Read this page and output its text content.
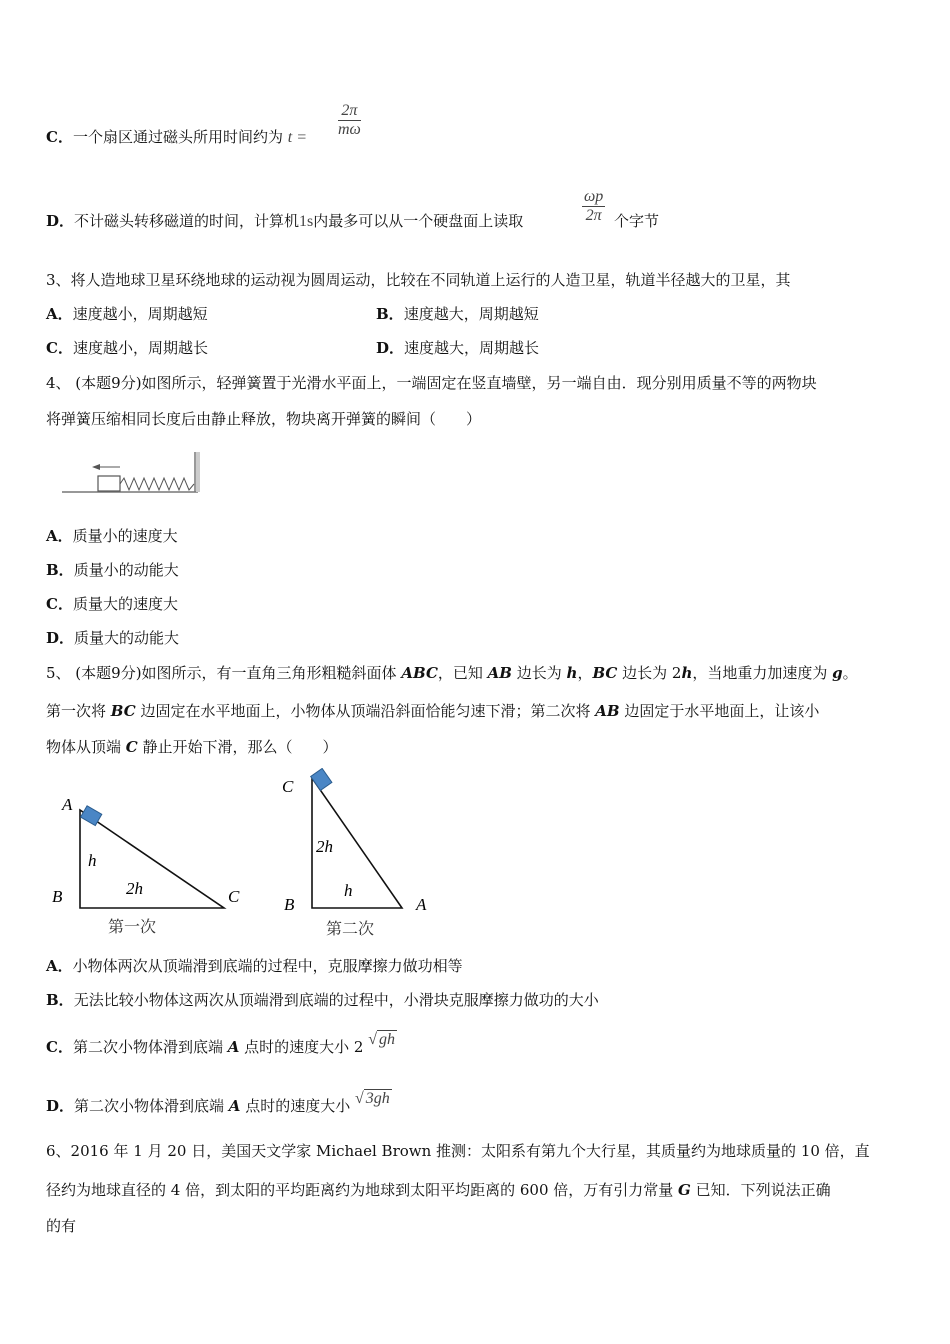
C．一个扇区通过磁头所用时间约为 $t = \frac{2\pi}{m\omega}$
D．不计磁头转移磁道的时间，计算机1s内最多可以从一个硬盘面上读取	$\frac{\omega p}{2\pi}$ 个字节
3、将人造地球卫星环绕地球的运动视为圆周运动，比较在不同轨道上运行的人造卫星，轨道半径越大的卫星，其
A．速度越小，周期越短	B．速度越大，周期越短
C．速度越小，周期越长	D．速度越大，周期越长
4、 (本题9分)如图所示，轻弹簧置于光滑水平面上，一端固定在竖直墙壁，另一端自由．现分别用质量不等的两物块
将弹簧压缩相同长度后由静止释放，物块离开弹簧的瞬间（　　）
A．质量小的速度大
B．质量小的动能大
C．质量大的速度大
D．质量大的动能大
5、 (本题9分)如图所示，有一直角三角形粗糙斜面体 ABC，已知 AB 边长为 h，BC 边长为 2h，当地重力加速度为 g。
第一次将 BC 边固定在水平地面上，小物体从顶端沿斜面恰能匀速下滑；第二次将 AB 边固定于水平地面上，让该小
物体从顶端 C 静止开始下滑，那么（　　）
A
B	C
h
2h
第一次
C
B	A
2h
h
第二次
A．小物体两次从顶端滑到底端的过程中，克服摩擦力做功相等
B．无法比较小物体这两次从顶端滑到底端的过程中，小滑块克服摩擦力做功的大小
C．第二次小物体滑到底端 A 点时的速度大小 2 √ gh
D．第二次小物体滑到底端 A 点时的速度大小 √ 3gh
6、2016 年 1 月 20 日，美国天文学家 Michael Brown 推测：太阳系有第九个大行星，其质量约为地球质量的 10 倍，直
径约为地球直径的 4 倍，到太阳的平均距离约为地球到太阳平均距离的 600 倍，万有引力常量 G 已知．下列说法正确
的有
